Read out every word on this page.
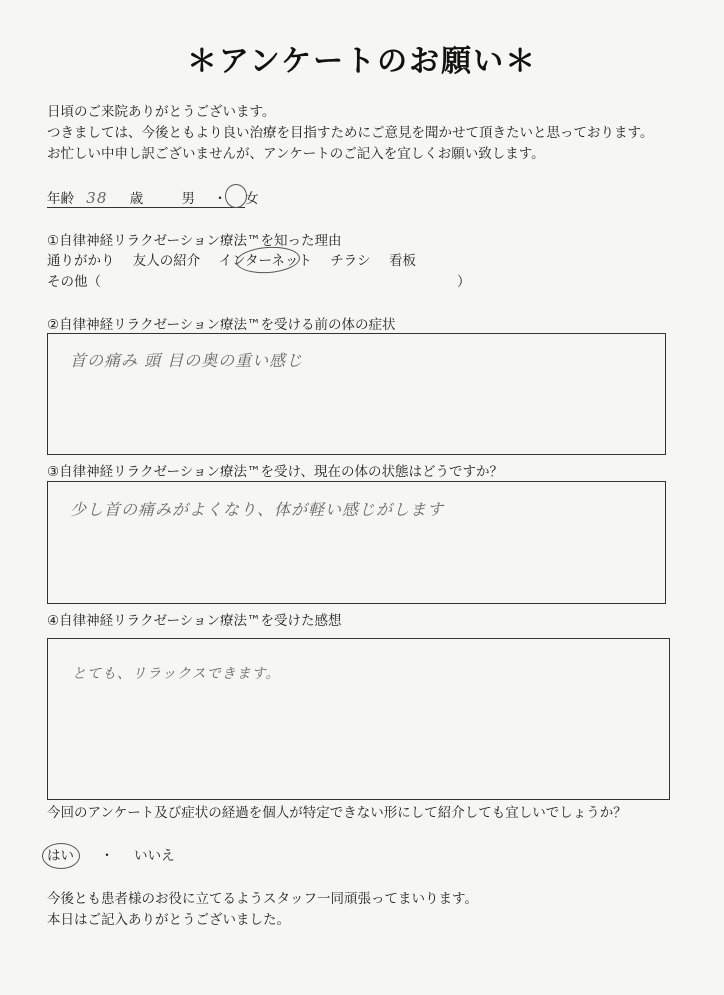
＊アンケートのお願い＊
日頃のご来院ありがとうございます。
つきましては、今後ともより良い治療を目指すためにご意見を聞かせて頂きたいと思っております。
お忙しい中申し訳ございませんが、アンケートのご記入を宜しくお願い致します。
年齢 38 歳	男 ・ 女
①自律神経リラクゼーション療法™を知った理由
通りがかり 友人の紹介 インターネット チラシ 看板
その他（	）
②自律神経リラクゼーション療法™を受ける前の体の症状
首の痛み 頭 目の奥の重い感じ
③自律神経リラクゼーション療法™を受け、現在の体の状態はどうですか？
少し首の痛みがよくなり、体が軽い感じがします
④自律神経リラクゼーション療法™を受けた感想
とても、リラックスできます。
今回のアンケート及び症状の経過を個人が特定できない形にして紹介しても宜しいでしょうか？
はい ・ いいえ
今後とも患者様のお役に立てるようスタッフ一同頑張ってまいります。
本日はご記入ありがとうございました。
